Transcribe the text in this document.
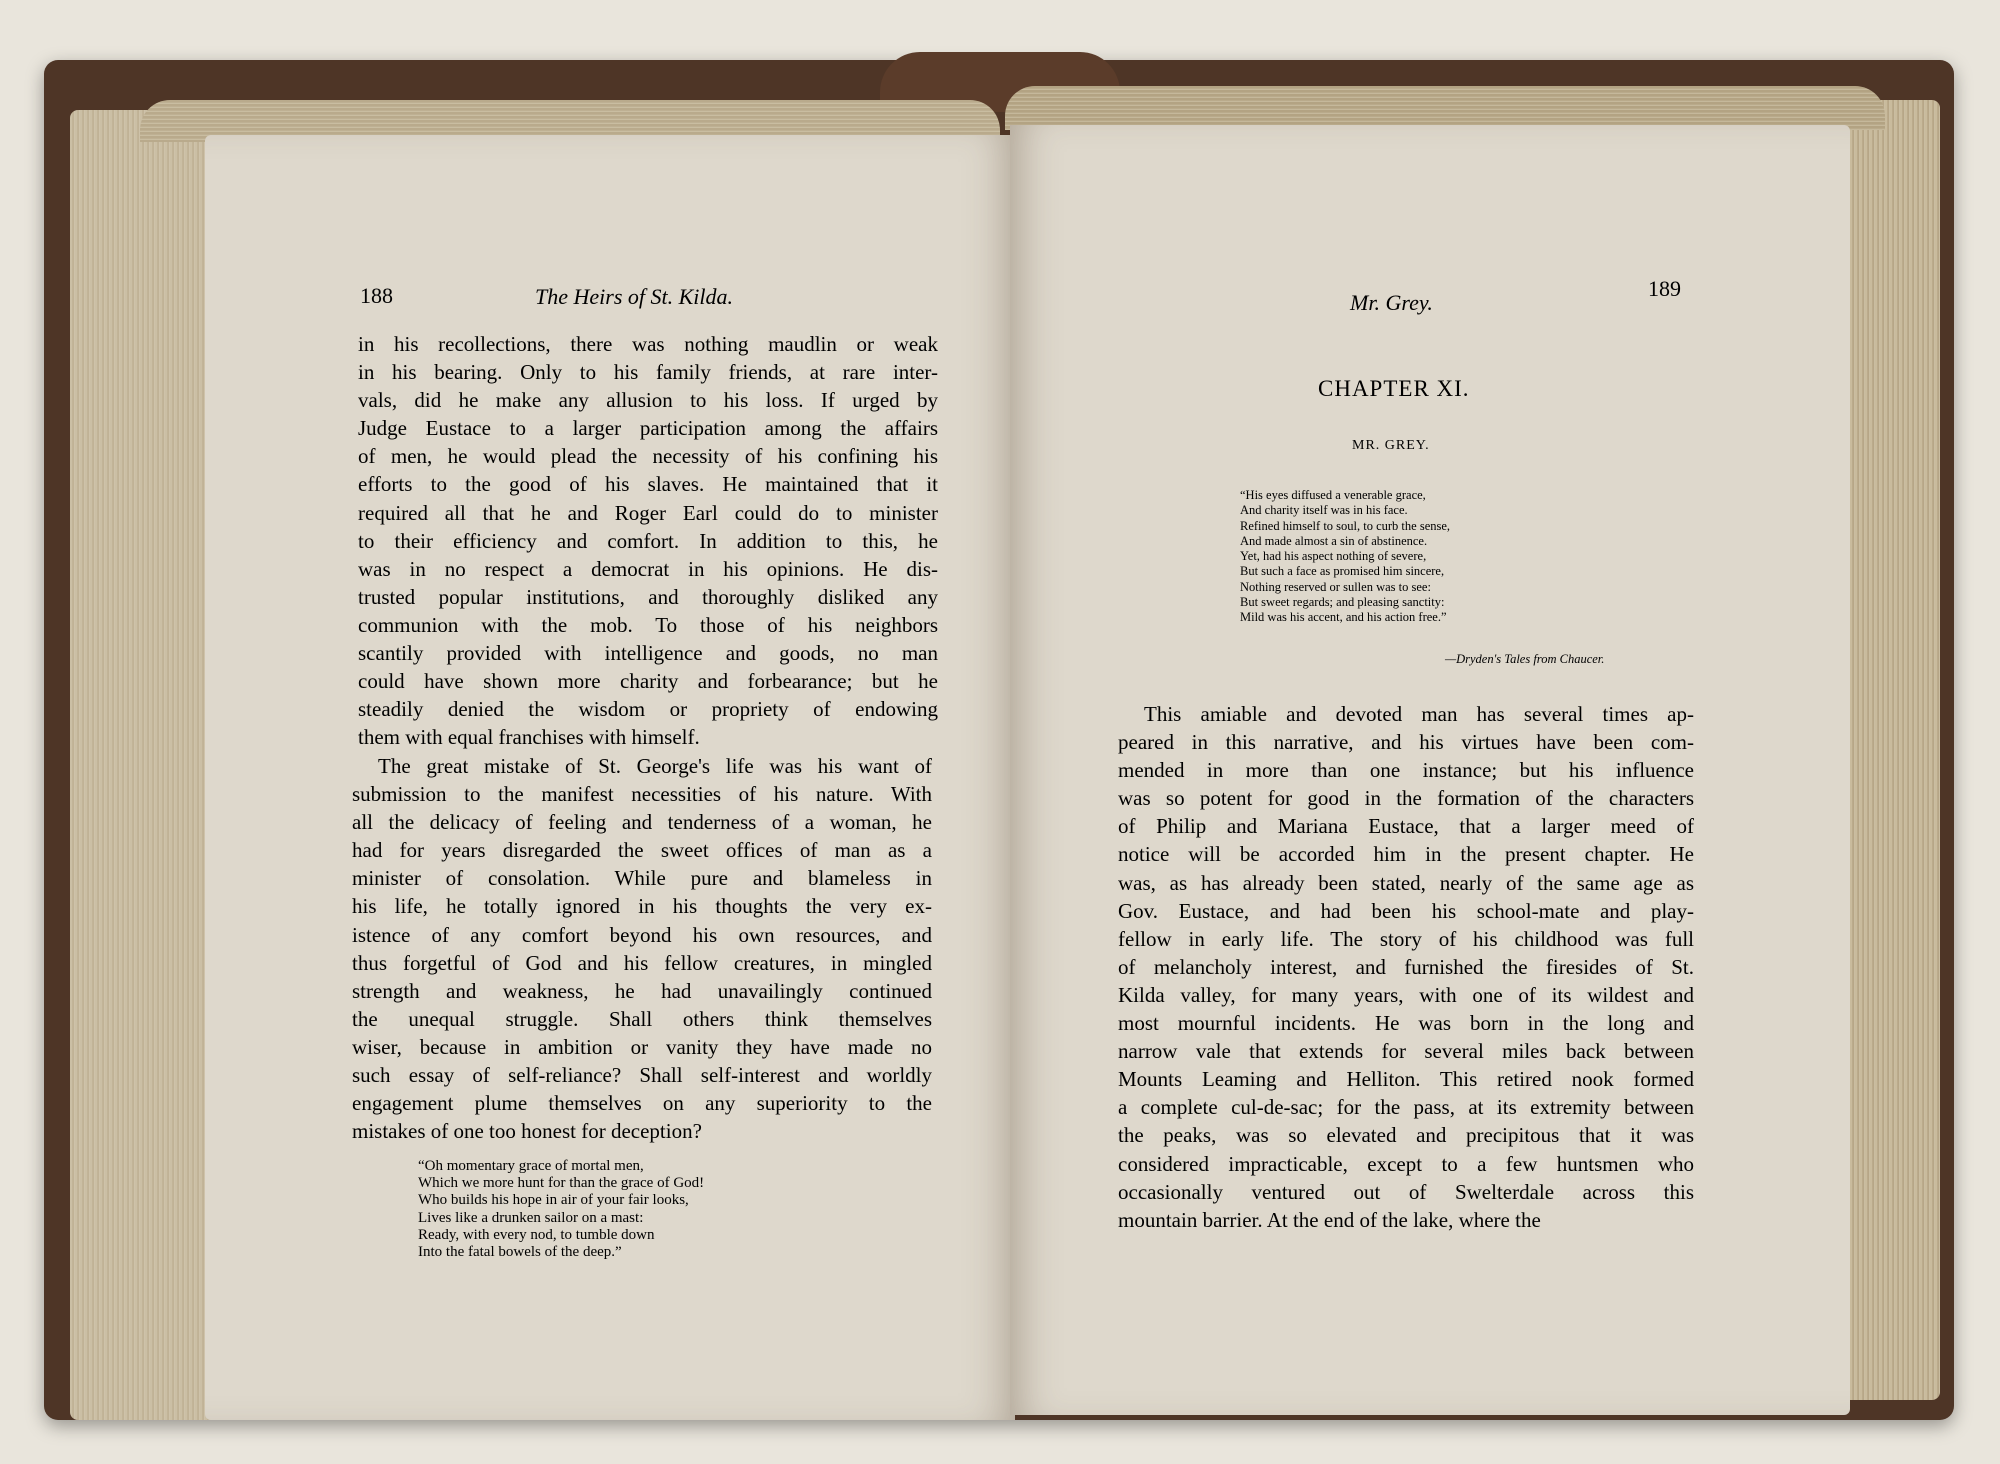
188	The Heirs of St. Kilda.
in his recollections, there was nothing maudlin or weak
in his bearing. Only to his family friends, at rare inter-
vals, did he make any allusion to his loss. If urged by
Judge Eustace to a larger participation among the affairs
of men, he would plead the necessity of his confining his
efforts to the good of his slaves. He maintained that it
required all that he and Roger Earl could do to minister
to their efficiency and comfort. In addition to this, he
was in no respect a democrat in his opinions. He dis-
trusted popular institutions, and thoroughly disliked any
communion with the mob. To those of his neighbors
scantily provided with intelligence and goods, no man
could have shown more charity and forbearance; but he
steadily denied the wisdom or propriety of endowing
them with equal franchises with himself.
The great mistake of St. George's life was his want of
submission to the manifest necessities of his nature. With
all the delicacy of feeling and tenderness of a woman, he
had for years disregarded the sweet offices of man as a
minister of consolation. While pure and blameless in
his life, he totally ignored in his thoughts the very ex-
istence of any comfort beyond his own resources, and
thus forgetful of God and his fellow creatures, in mingled
strength and weakness, he had unavailingly continued
the unequal struggle. Shall others think themselves
wiser, because in ambition or vanity they have made no
such essay of self-reliance? Shall self-interest and worldly
engagement plume themselves on any superiority to the
mistakes of one too honest for deception?
“Oh momentary grace of mortal men,
Which we more hunt for than the grace of God!
Who builds his hope in air of your fair looks,
Lives like a drunken sailor on a mast:
Ready, with every nod, to tumble down
Into the fatal bowels of the deep.”
Mr. Grey.
189
CHAPTER XI.
MR. GREY.
“His eyes diffused a venerable grace,
And charity itself was in his face.
Refined himself to soul, to curb the sense,
And made almost a sin of abstinence.
Yet, had his aspect nothing of severe,
But such a face as promised him sincere,
Nothing reserved or sullen was to see:
But sweet regards; and pleasing sanctity:
Mild was his accent, and his action free.”
—Dryden's Tales from Chaucer.
This amiable and devoted man has several times ap-
peared in this narrative, and his virtues have been com-
mended in more than one instance; but his influence
was so potent for good in the formation of the characters
of Philip and Mariana Eustace, that a larger meed of
notice will be accorded him in the present chapter. He
was, as has already been stated, nearly of the same age as
Gov. Eustace, and had been his school-mate and play-
fellow in early life. The story of his childhood was full
of melancholy interest, and furnished the firesides of St.
Kilda valley, for many years, with one of its wildest and
most mournful incidents. He was born in the long and
narrow vale that extends for several miles back between
Mounts Leaming and Helliton. This retired nook formed
a complete cul-de-sac; for the pass, at its extremity between
the peaks, was so elevated and precipitous that it was
considered impracticable, except to a few huntsmen who
occasionally ventured out of Swelterdale across this
mountain barrier. At the end of the lake, where the
